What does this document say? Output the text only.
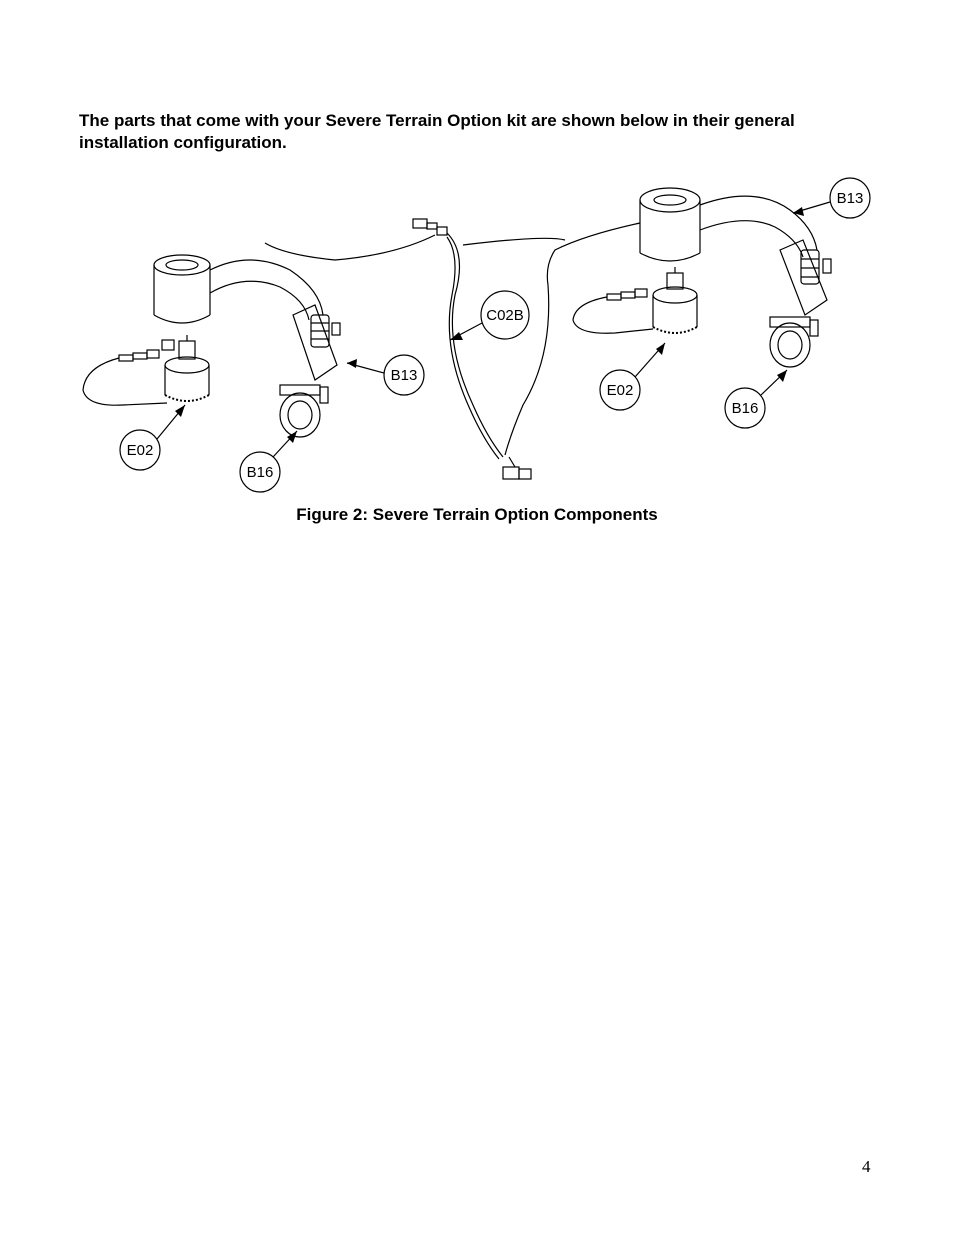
The parts that come with your Severe Terrain Option kit are shown below in their general installation configuration.

E02
B16
B13
C02B
E02
B16
B13

Figure 2: Severe Terrain Option Components

4
